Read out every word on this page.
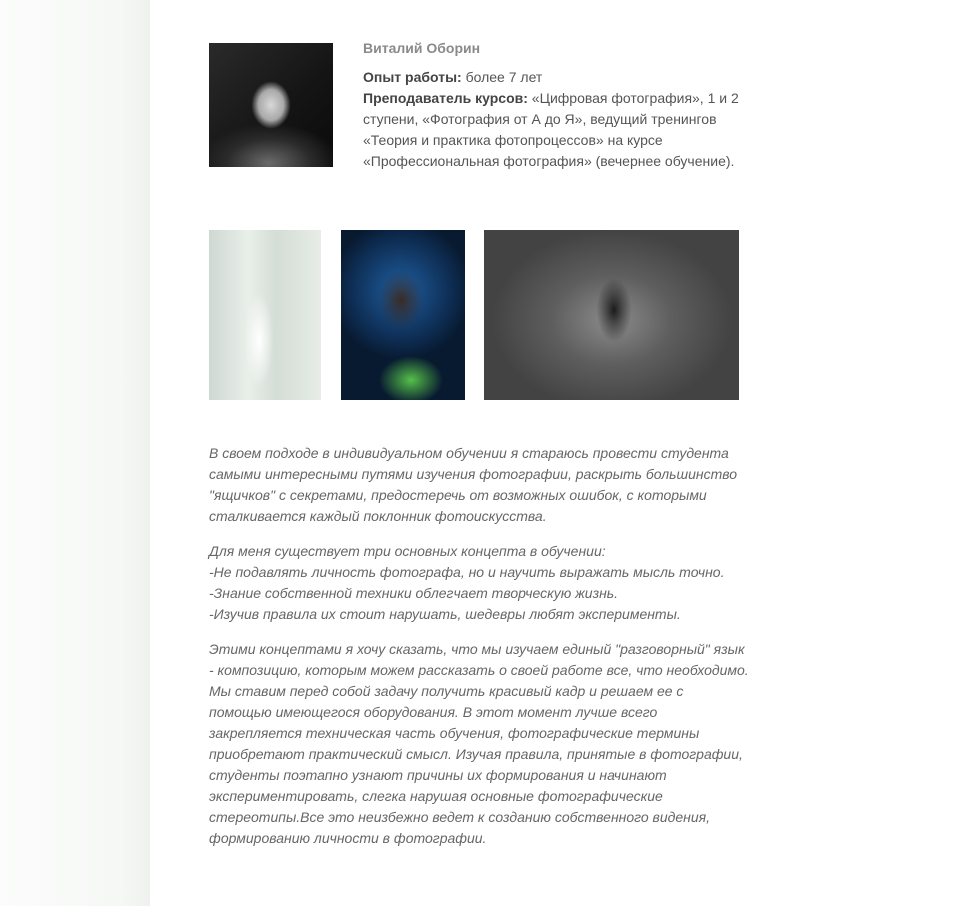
Виталий Оборин

Опыт работы: более 7 лет

Преподаватель курсов: «Цифровая фотография», 1 и 2 ступени, «Фотография от А до Я», ведущий тренингов «Теория и практика фотопроцессов» на курсе «Профессиональная фотография» (вечернее обучение).

В своем подходе в индивидуальном обучении я стараюсь провести студента самыми интересными путями изучения фотографии, раскрыть большинство "ящичков" с секретами, предостеречь от возможных ошибок, с которыми сталкивается каждый поклонник фотоискусства.

Для меня существует три основных концепта в обучении:
-Не подавлять личность фотографа, но и научить выражать мысль точно.
-Знание собственной техники облегчает творческую жизнь.
-Изучив правила их стоит нарушать, шедевры любят эксперименты.

Этими концептами я хочу сказать, что мы изучаем единый "разговорный" язык - композицию, которым можем рассказать о своей работе все, что необходимо. Мы ставим перед собой задачу получить красивый кадр и решаем ее с помощью имеющегося оборудования. В этот момент лучше всего закрепляется техническая часть обучения, фотографические термины приобретают практический смысл. Изучая правила, принятые в фотографии, студенты поэтапно узнают причины их формирования и начинают экспериментировать, слегка нарушая основные фотографические стереотипы.Все это неизбежно ведет к созданию собственного видения, формированию личности в фотографии.
